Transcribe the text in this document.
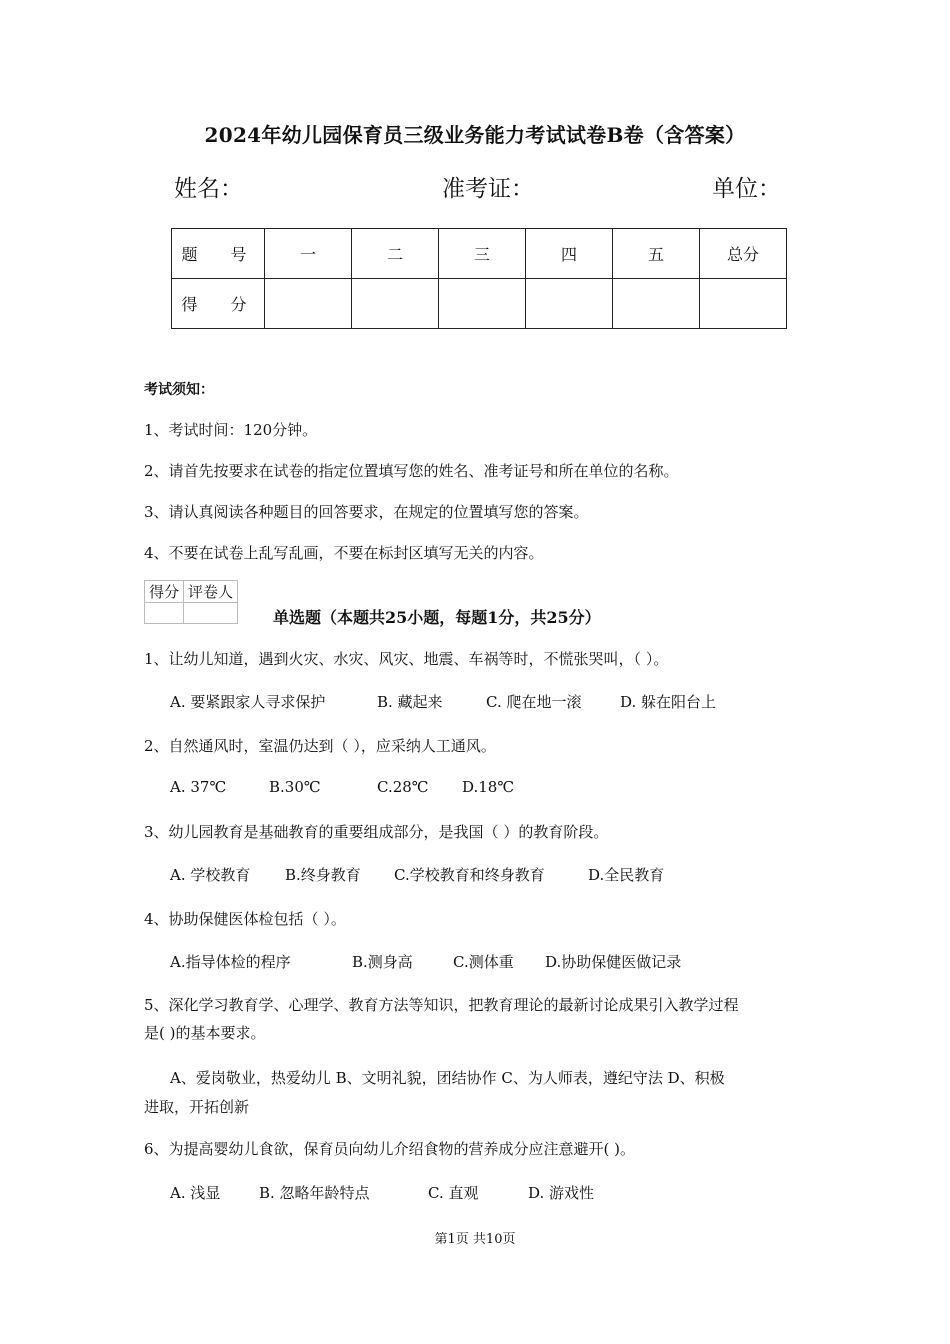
2024年幼儿园保育员三级业务能力考试试卷B卷（含答案）
姓名：	准考证：	单位：
题 号	一	二	三	四	五	总分
得 分						
考试须知：
1、考试时间：120分钟。
2、请首先按要求在试卷的指定位置填写您的姓名、准考证号和所在单位的名称。
3、请认真阅读各种题目的回答要求，在规定的位置填写您的答案。
4、不要在试卷上乱写乱画，不要在标封区填写无关的内容。
得分	评卷人

单选题（本题共25小题，每题1分，共25分）
1、让幼儿知道，遇到火灾、水灾、风灾、地震、车祸等时，不慌张哭叫，（ ）。
A. 要紧跟家人寻求保护	B. 藏起来	C. 爬在地一滚	D. 躲在阳台上
2、自然通风时，室温仍达到（ ），应采纳人工通风。
A. 37℃	B.30℃	C.28℃ D.18℃
3、幼儿园教育是基础教育的重要组成部分，是我国（ ）的教育阶段。
A. 学校教育 B.终身教育 C.学校教育和终身教育	D.全民教育
4、协助保健医体检包括（ ）。
A.指导体检的程序	B.测身高	C.测体重 D.协助保健医做记录
5、深化学习教育学、心理学、教育方法等知识，把教育理论的最新讨论成果引入教学过程
是( )的基本要求。
A、爱岗敬业，热爱幼儿 B、文明礼貌，团结协作 C、为人师表，遵纪守法 D、积极
进取，开拓创新
6、为提高婴幼儿食欲，保育员向幼儿介绍食物的营养成分应注意避开( )。
A. 浅显	B. 忽略年龄特点	C. 直观	D. 游戏性
第1页 共10页
